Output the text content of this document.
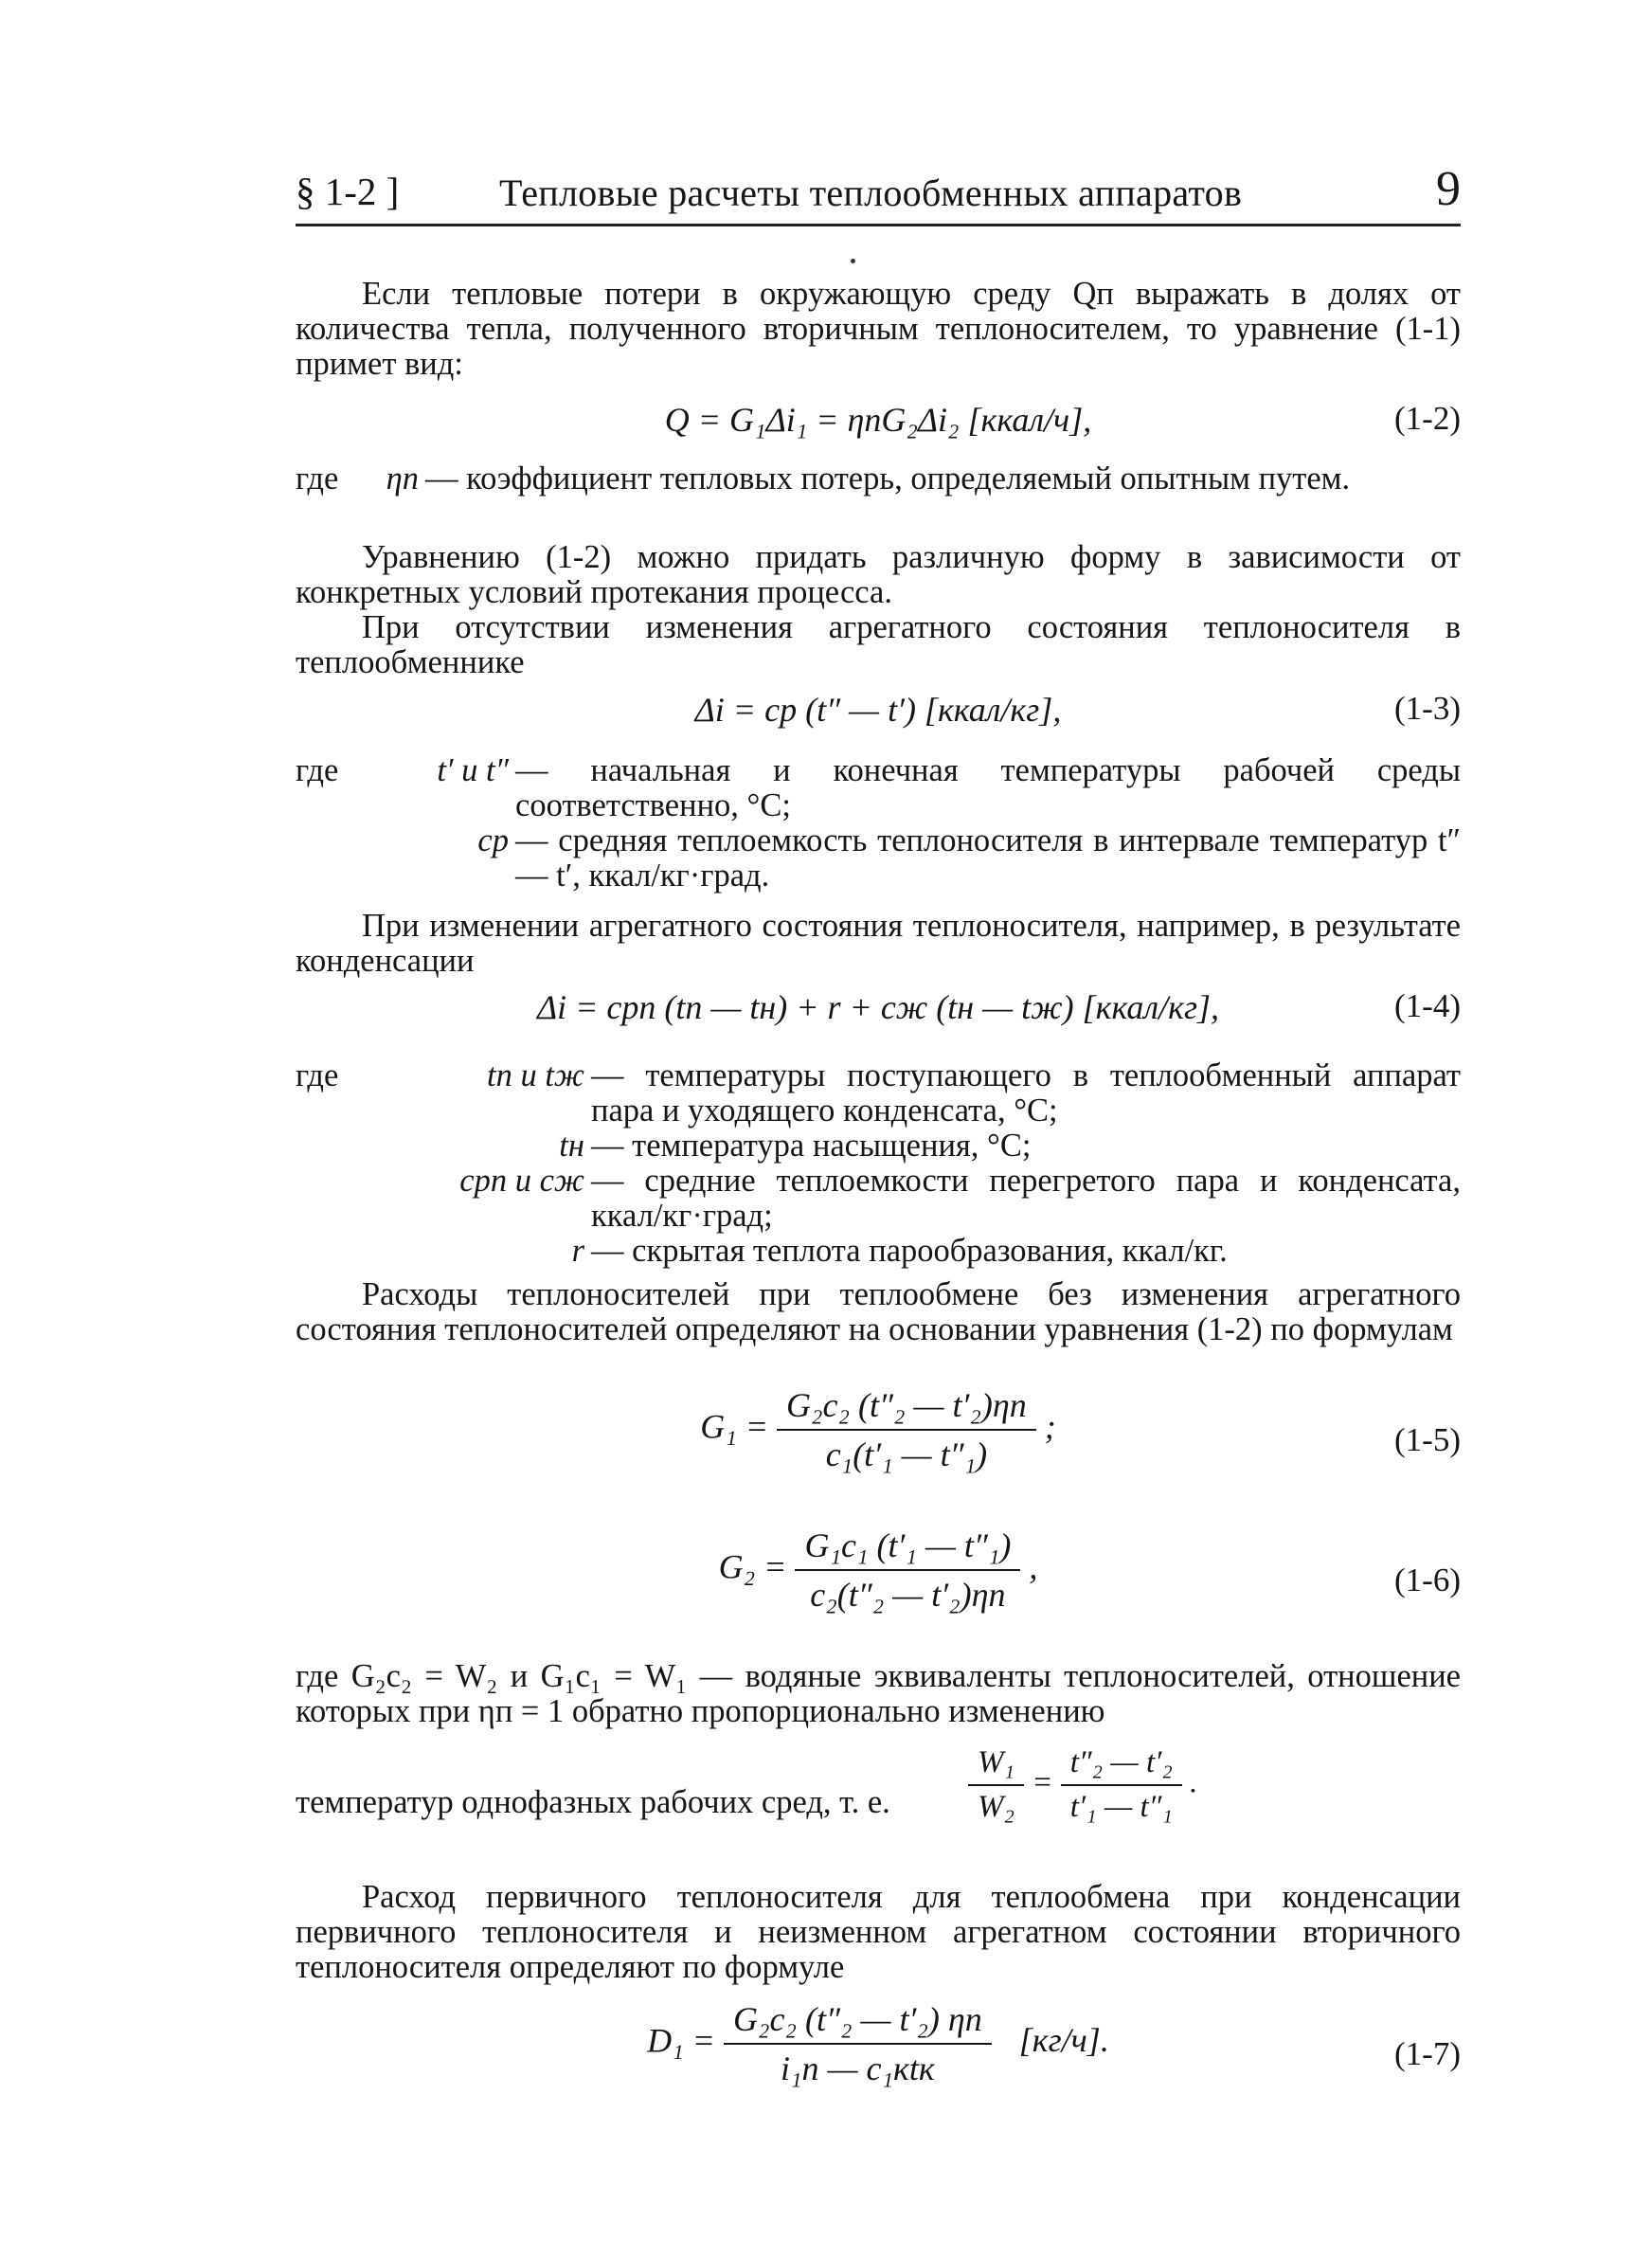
§ 1-2 ]	Тепловые расчеты теплообменных аппаратов	9

Если тепловые потери в окружающую среду Qп выражать в долях от количества тепла, полученного вторичным теплоносителем, то уравнение (1-1) примет вид:

Q = G₁Δi₁ = ηпG₂Δi₂ [ккал/ч],	(1-2)
где	ηп — коэффициент тепловых потерь, определяемый опытным путем.

Уравнению (1-2) можно придать различную форму в зависимости от конкретных условий протекания процесса.

При отсутствии изменения агрегатного состояния теплоносителя в теплообменнике

Δi = cp (t″ — t′) [ккал/кг],	(1-3)
где	t′ и t″ — начальная и конечная температуры рабочей среды соответственно, °С;
cp — средняя теплоемкость теплоносителя в интервале температур t″ — t′, ккал/кг·град.

При изменении агрегатного состояния теплоносителя, например, в результате конденсации

Δi = cрп (tп — tн) + r + cж (tн — tж) [ккал/кг],	(1-4)
где	tп и tж — температуры поступающего в теплообменный аппарат пара и уходящего конденсата, °С;
tн — температура насыщения, °С;
cрп и cж — средние теплоемкости перегретого пара и конденсата, ккал/кг·град;
r — скрытая теплота парообразования, ккал/кг.

Расходы теплоносителей при теплообмене без изменения агрегатного состояния теплоносителей определяют на основании уравнения (1-2) по формулам

$G_1 = \frac{\text{G₂c₂ (t″₂ — t′₂)ηп}}{\text{c₁(t′₁ — t″₁)}}$ ;	(1-5)
$G_2 = \frac{\text{G₁c₁ (t′₁ — t″₁)}}{\text{c₂(t″₂ — t′₂)ηп}}$ ,	(1-6)

где G₂c₂ = W₂ и G₁c₁ = W₁ — водяные эквиваленты теплоносителей, отношение которых при ηп = 1 обратно пропорционально изменению

температур однофазных рабочих сред, т. е. $\frac{\text{W₁}}{\text{W₂}} = \frac{\text{t″₂ — t′₂}}{\text{t′₁ — t″₁}}$ .

Расход первичного теплоносителя для теплообмена при конденсации первичного теплоносителя и неизменном агрегатном состоянии вторичного теплоносителя определяют по формуле

$D_1 = \frac{\text{G₂c₂ (t″₂ — t′₂) ηп}}{\text{i₁п — c₁кtк}} [кг/ч]$.	(1-7)
